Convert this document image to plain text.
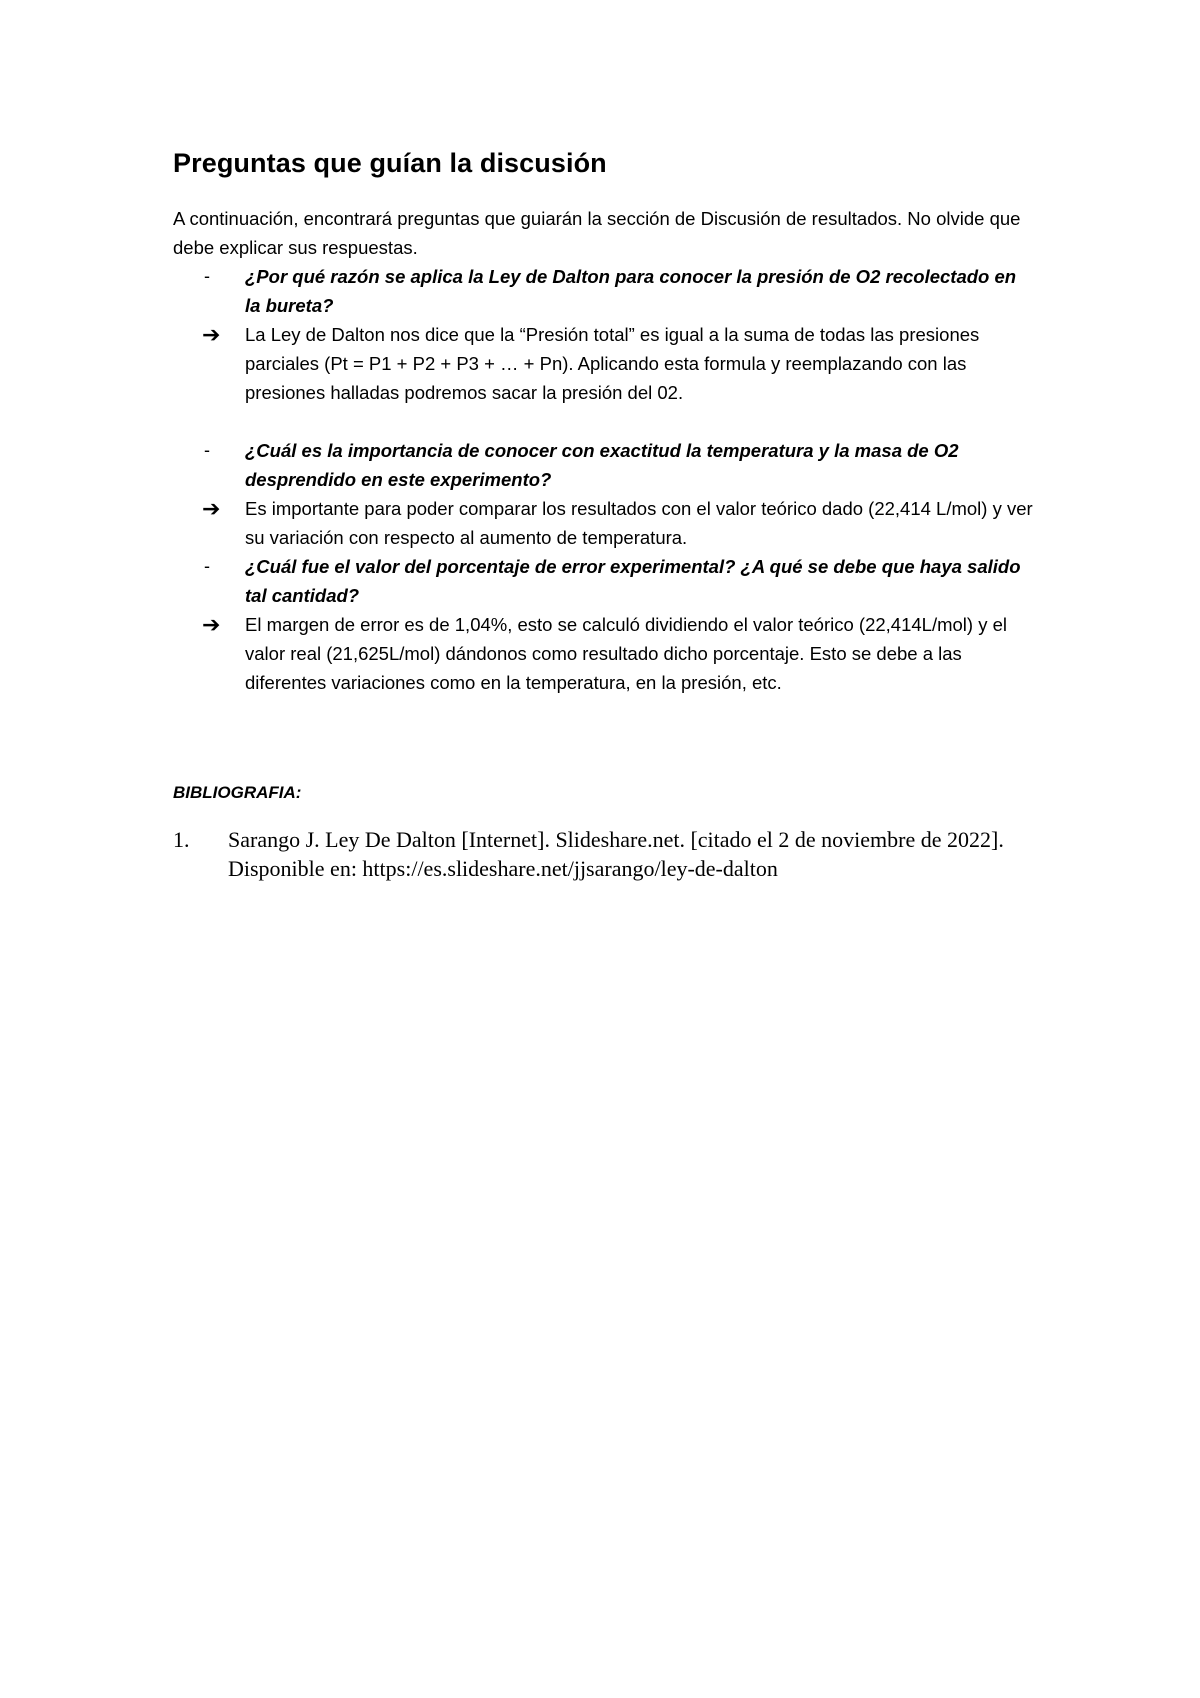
Preguntas que guían la discusión
A continuación, encontrará preguntas que guiarán la sección de Discusión de resultados. No olvide que debe explicar sus respuestas.
- ¿Por qué razón se aplica la Ley de Dalton para conocer la presión de O2 recolectado en la bureta?
➔ La Ley de Dalton nos dice que la “Presión total” es igual a la suma de todas las presiones parciales (Pt = P1 + P2 + P3 + … + Pn). Aplicando esta formula y reemplazando con las presiones halladas podremos sacar la presión del 02.
- ¿Cuál es la importancia de conocer con exactitud la temperatura y la masa de O2 desprendido en este experimento?
➔ Es importante para poder comparar los resultados con el valor teórico dado (22,414 L/mol) y ver su variación con respecto al aumento de temperatura.
- ¿Cuál fue el valor del porcentaje de error experimental? ¿A qué se debe que haya salido tal cantidad?
➔ El margen de error es de 1,04%, esto se calculó dividiendo el valor teórico (22,414L/mol) y el valor real (21,625L/mol) dándonos como resultado dicho porcentaje. Esto se debe a las diferentes variaciones como en la temperatura, en la presión, etc.
BIBLIOGRAFIA:
1. Sarango J. Ley De Dalton [Internet]. Slideshare.net. [citado el 2 de noviembre de 2022]. Disponible en: https://es.slideshare.net/jjsarango/ley-de-dalton
